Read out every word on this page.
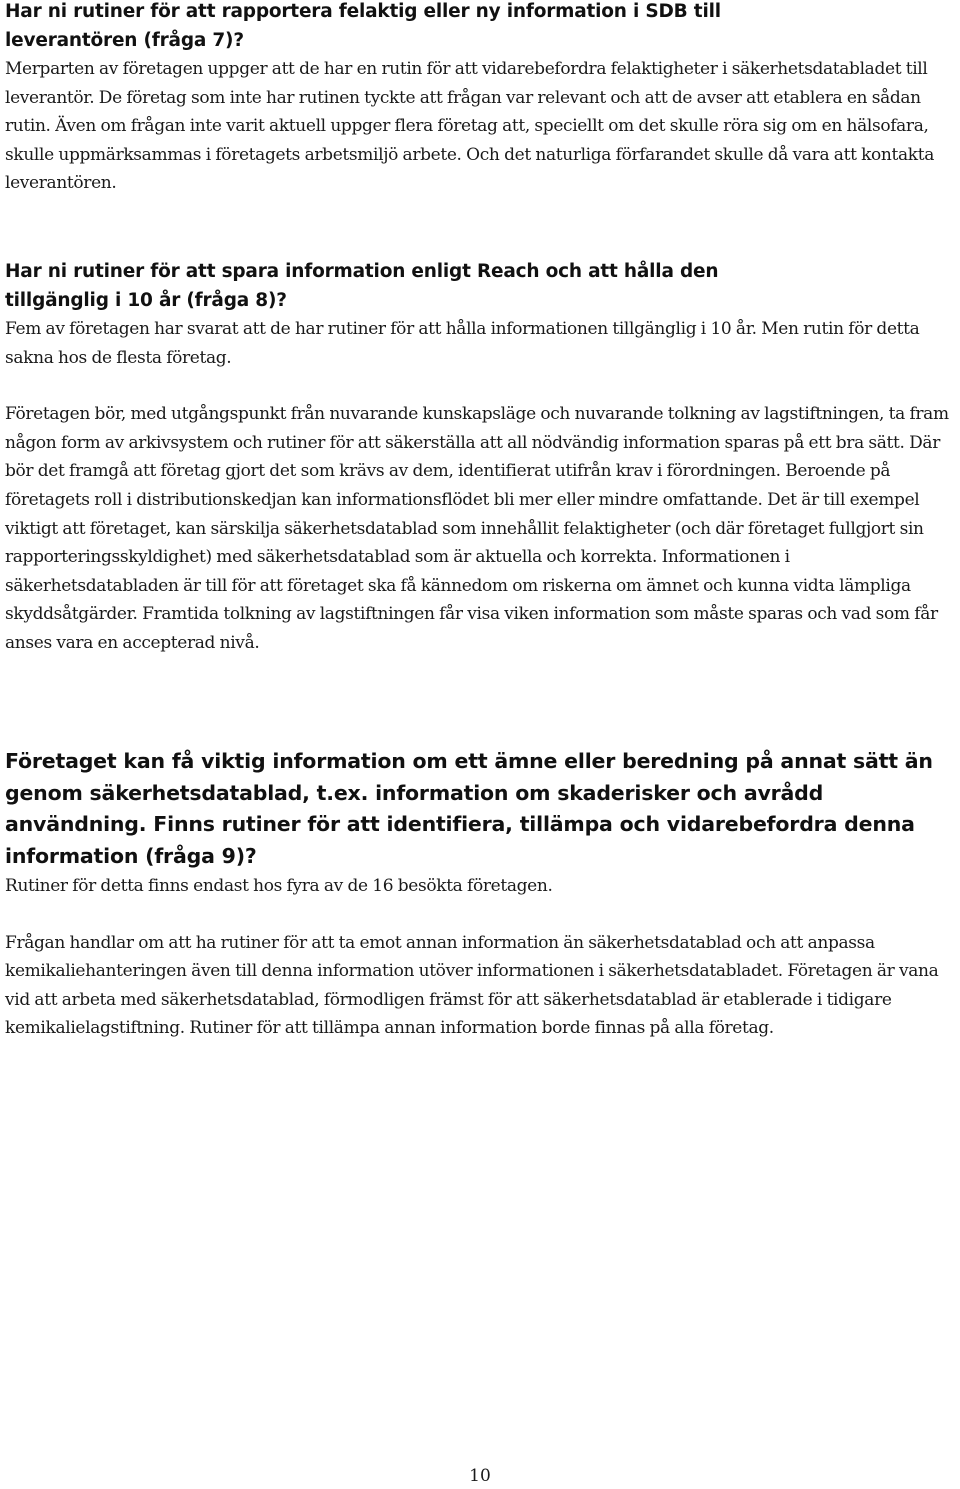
Har ni rutiner för att rapportera felaktig eller ny information i SDB till leverantören (fråga 7)?

Merparten av företagen uppger att de har en rutin för att vidarebefordra felaktigheter i säkerhetsdatabladet till leverantör. De företag som inte har rutinen tyckte att frågan var relevant och att de avser att etablera en sådan rutin. Även om frågan inte varit aktuell uppger flera företag att, speciellt om det skulle röra sig om en hälsofara, skulle uppmärksammas i företagets arbetsmiljö arbete. Och det naturliga förfarandet skulle då vara att kontakta leverantören.

Har ni rutiner för att spara information enligt Reach och att hålla den tillgänglig i 10 år (fråga 8)?

Fem av företagen har svarat att de har rutiner för att hålla informationen tillgänglig i 10 år. Men rutin för detta sakna hos de flesta företag.

Företagen bör, med utgångspunkt från nuvarande kunskapsläge och nuvarande tolkning av lagstiftningen, ta fram någon form av arkivsystem och rutiner för att säkerställa att all nödvändig information sparas på ett bra sätt. Där bör det framgå att företag gjort det som krävs av dem, identifierat utifrån krav i förordningen. Beroende på företagets roll i distributionskedjan kan informationsflödet bli mer eller mindre omfattande. Det är till exempel viktigt att företaget, kan särskilja säkerhetsdatablad som innehållit felaktigheter (och där företaget fullgjort sin rapporteringsskyldighet) med säkerhetsdatablad som är aktuella och korrekta. Informationen i säkerhetsdatabladen är till för att företaget ska få kännedom om riskerna om ämnet och kunna vidta lämpliga skyddsåtgärder. Framtida tolkning av lagstiftningen får visa viken information som måste sparas och vad som får anses vara en accepterad nivå.

Företaget kan få viktig information om ett ämne eller beredning på annat sätt än genom säkerhetsdatablad, t.ex. information om skaderisker och avrådd användning. Finns rutiner för att identifiera, tillämpa och vidarebefordra denna information (fråga 9)?

Rutiner för detta finns endast hos fyra av de 16 besökta företagen.

Frågan handlar om att ha rutiner för att ta emot annan information än säkerhetsdatablad och att anpassa kemikaliehanteringen även till denna information utöver informationen i säkerhetsdatabladet. Företagen är vana vid att arbeta med säkerhetsdatablad, förmodligen främst för att säkerhetsdatablad är etablerade i tidigare kemikalielagstiftning. Rutiner för att tillämpa annan information borde finnas på alla företag.

10
